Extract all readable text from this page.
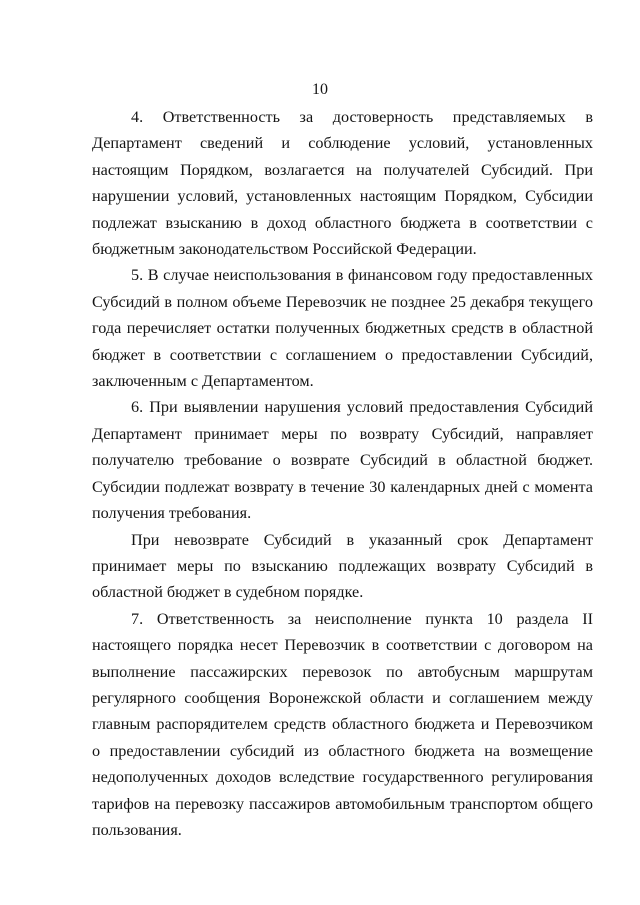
10

4. Ответственность за достоверность представляемых в Департамент сведений и соблюдение условий, установленных настоящим Порядком, возлагается на получателей Субсидий. При нарушении условий, установленных настоящим Порядком, Субсидии подлежат взысканию в доход областного бюджета в соответствии с бюджетным законодательством Российской Федерации.

5. В случае неиспользования в финансовом году предоставленных Субсидий в полном объеме Перевозчик не позднее 25 декабря текущего года перечисляет остатки полученных бюджетных средств в областной бюджет в соответствии с соглашением о предоставлении Субсидий, заключенным с Департаментом.

6. При выявлении нарушения условий предоставления Субсидий Департамент принимает меры по возврату Субсидий, направляет получателю требование о возврате Субсидий в областной бюджет. Субсидии подлежат возврату в течение 30 календарных дней с момента получения требования.

При невозврате Субсидий в указанный срок Департамент принимает меры по взысканию подлежащих возврату Субсидий в областной бюджет в судебном порядке.

7. Ответственность за неисполнение пункта 10 раздела II настоящего порядка несет Перевозчик в соответствии с договором на выполнение пассажирских перевозок по автобусным маршрутам регулярного сообщения Воронежской области и соглашением между главным распорядителем средств областного бюджета и Перевозчиком о предоставлении субсидий из областного бюджета на возмещение недополученных доходов вследствие государственного регулирования тарифов на перевозку пассажиров автомобильным транспортом общего пользования.
